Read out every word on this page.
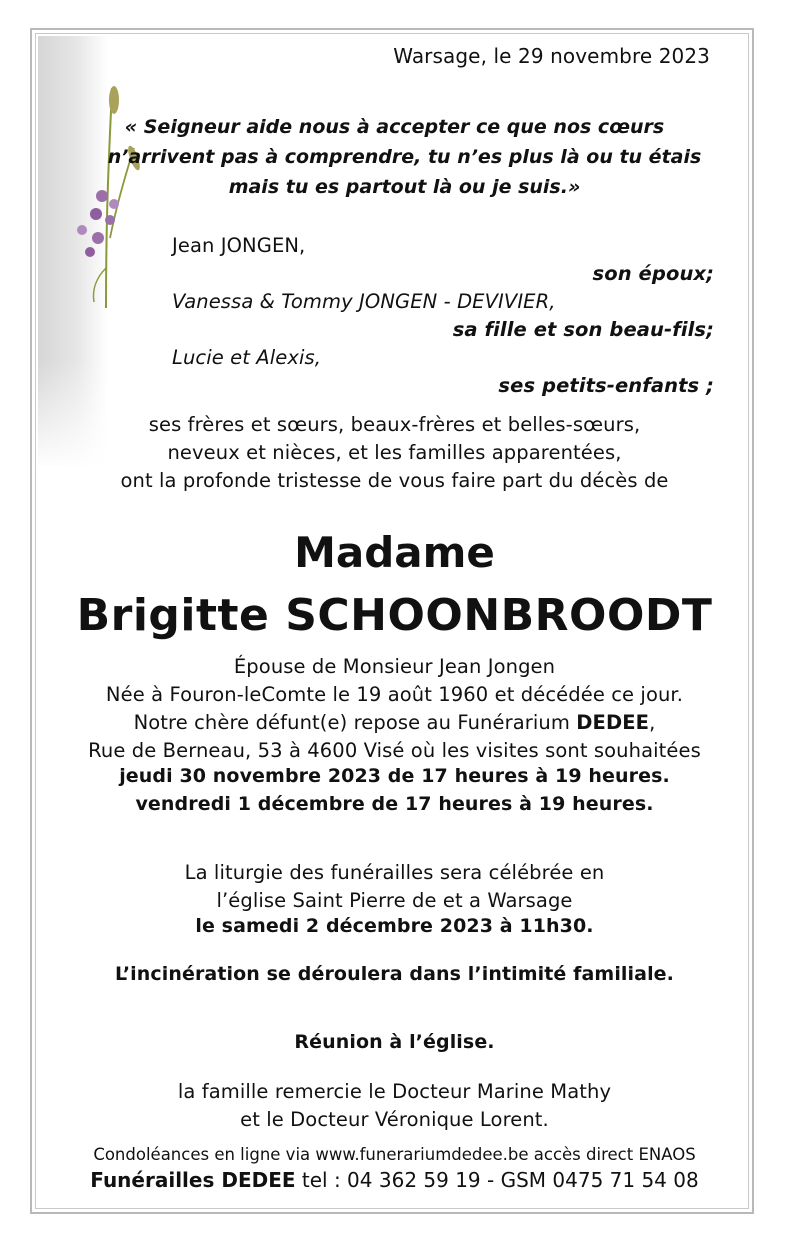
Warsage, le 29 novembre 2023
« Seigneur aide nous à accepter ce que nos cœurs
n’arrivent pas à comprendre, tu n’es plus là ou tu étais
mais tu es partout là ou je suis.»
Jean JONGEN,
son époux;
Vanessa & Tommy JONGEN - DEVIVIER,
sa fille et son beau-fils;
Lucie et Alexis,
ses petits-enfants ;
ses frères et sœurs, beaux-frères et belles-sœurs,
neveux et nièces, et les familles apparentées,
ont la profonde tristesse de vous faire part du décès de
Madame
Brigitte SCHOONBROODT
Épouse de Monsieur Jean Jongen
Née à Fouron-leComte le 19 août 1960 et décédée ce jour.
Notre chère défunt(e) repose au Funérarium DEDEE,
Rue de Berneau, 53 à 4600 Visé où les visites sont souhaitées
jeudi 30 novembre 2023 de 17 heures à 19 heures.
vendredi 1 décembre de 17 heures à 19 heures.
La liturgie des funérailles sera célébrée en
l’église Saint Pierre de et a Warsage
le samedi 2 décembre 2023 à 11h30.
L’incinération se déroulera dans l’intimité familiale.
Réunion à l’église.
la famille remercie le Docteur Marine Mathy
et le Docteur Véronique Lorent.
Condoléances en ligne via www.funerariumdedee.be accès direct ENAOS
Funérailles DEDEE tel : 04 362 59 19 - GSM 0475 71 54 08
